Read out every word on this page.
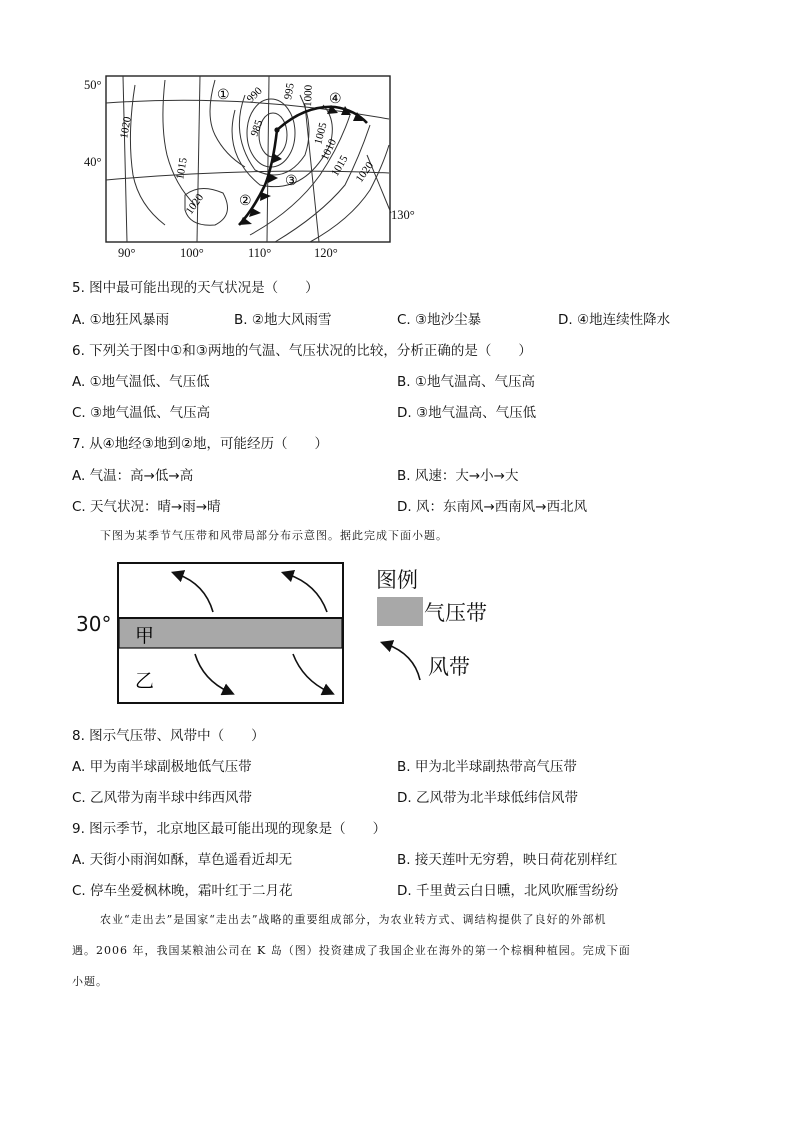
50°
40°
90°	100°	110°	120°
130°
1020
1015
1020
990
985
995 1000
1005
1010
1015 1020
①
②
③
④
5. 图中最可能出现的天气状况是（　　）
A. ①地狂风暴雨	B. ②地大风雨雪	C. ③地沙尘暴	D. ④地连续性降水
6. 下列关于图中①和③两地的气温、气压状况的比较，分析正确的是（　　）
A. ①地气温低、气压低	B. ①地气温高、气压高
C. ③地气温低、气压高	D. ③地气温高、气压低
7. 从④地经③地到②地，可能经历（　　）
A. 气温：高→低→高	B. 风速：大→小→大
C. 天气状况：晴→雨→晴	D. 风：东南风→西南风→西北风
下图为某季节气压带和风带局部分布示意图。据此完成下面小题。
30° 甲
乙
图例
气压带
风带
8. 图示气压带、风带中（　　）
A. 甲为南半球副极地低气压带	B. 甲为北半球副热带高气压带
C. 乙风带为南半球中纬西风带	D. 乙风带为北半球低纬信风带
9. 图示季节，北京地区最可能出现的现象是（　　）
A. 天街小雨润如酥，草色遥看近却无	B. 接天莲叶无穷碧，映日荷花别样红
C. 停车坐爱枫林晚，霜叶红于二月花	D. 千里黄云白日曛，北风吹雁雪纷纷
农业“走出去”是国家“走出去”战略的重要组成部分，为农业转方式、调结构提供了良好的外部机
遇。2006 年，我国某粮油公司在 K 岛（图）投资建成了我国企业在海外的第一个棕榈种植园。完成下面
小题。
